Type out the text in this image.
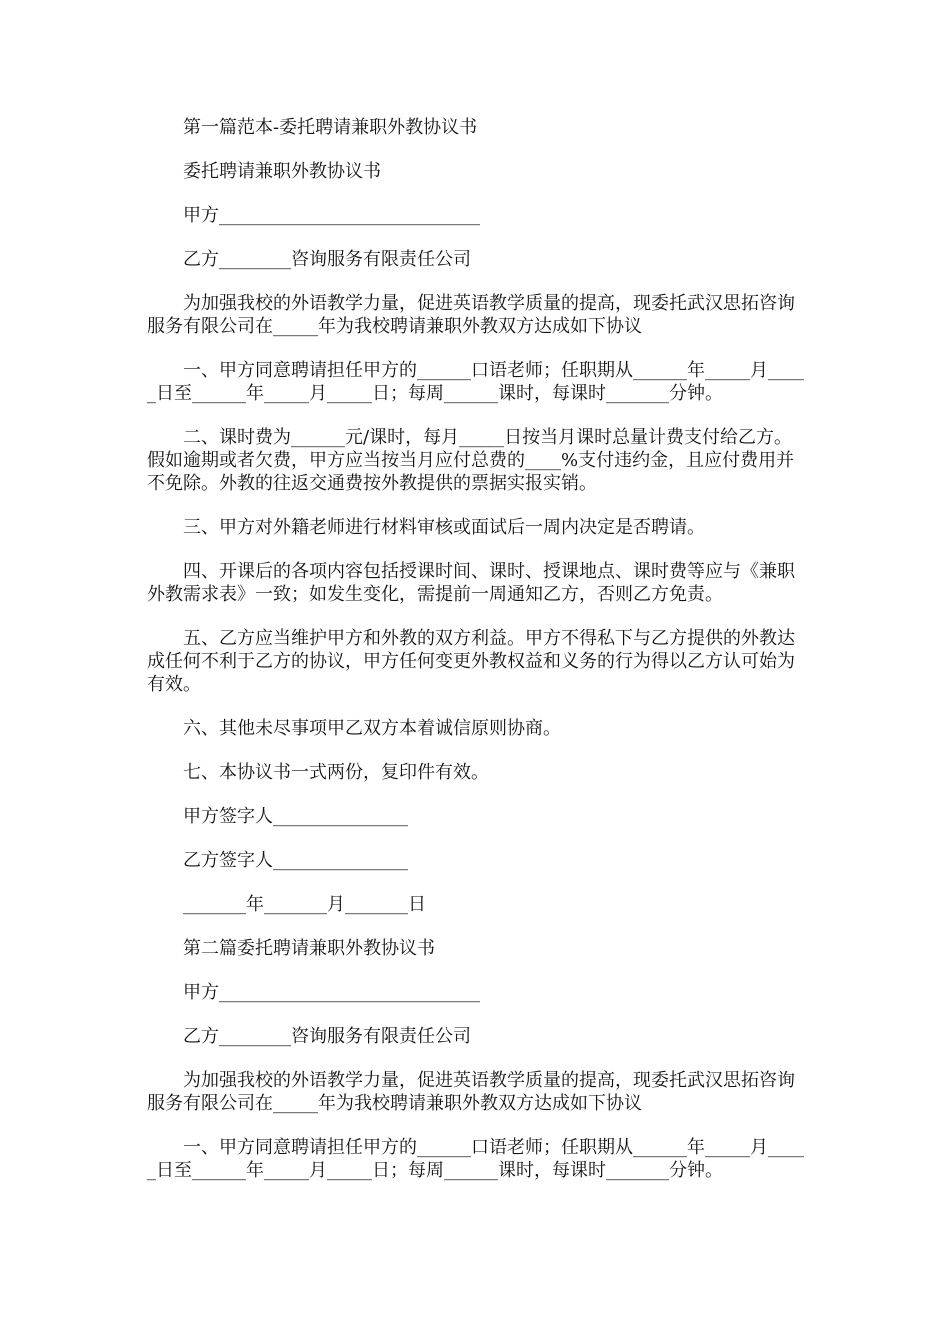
第一篇范本-委托聘请兼职外教协议书

委托聘请兼职外教协议书

甲方_____________________________

乙方________咨询服务有限责任公司

为加强我校的外语教学力量，促进英语教学质量的提高，现委托武汉思拓咨询服务有限公司在_____年为我校聘请兼职外教双方达成如下协议

一、甲方同意聘请担任甲方的______口语老师；任职期从______年_____月_____日至______年_____月_____日；每周______课时，每课时_______分钟。

二、课时费为______元/课时，每月_____日按当月课时总量计费支付给乙方。假如逾期或者欠费，甲方应当按当月应付总费的____%支付违约金，且应付费用并不免除。外教的往返交通费按外教提供的票据实报实销。

三、甲方对外籍老师进行材料审核或面试后一周内决定是否聘请。

四、开课后的各项内容包括授课时间、课时、授课地点、课时费等应与《兼职外教需求表》一致；如发生变化，需提前一周通知乙方，否则乙方免责。

五、乙方应当维护甲方和外教的双方利益。甲方不得私下与乙方提供的外教达成任何不利于乙方的协议，甲方任何变更外教权益和义务的行为得以乙方认可始为有效。

六、其他未尽事项甲乙双方本着诚信原则协商。

七、本协议书一式两份，复印件有效。

甲方签字人_______________

乙方签字人_______________

_______年_______月_______日

第二篇委托聘请兼职外教协议书

甲方_____________________________

乙方________咨询服务有限责任公司

为加强我校的外语教学力量，促进英语教学质量的提高，现委托武汉思拓咨询服务有限公司在_____年为我校聘请兼职外教双方达成如下协议

一、甲方同意聘请担任甲方的______口语老师；任职期从______年_____月_____日至______年_____月_____日；每周______课时，每课时_______分钟。
